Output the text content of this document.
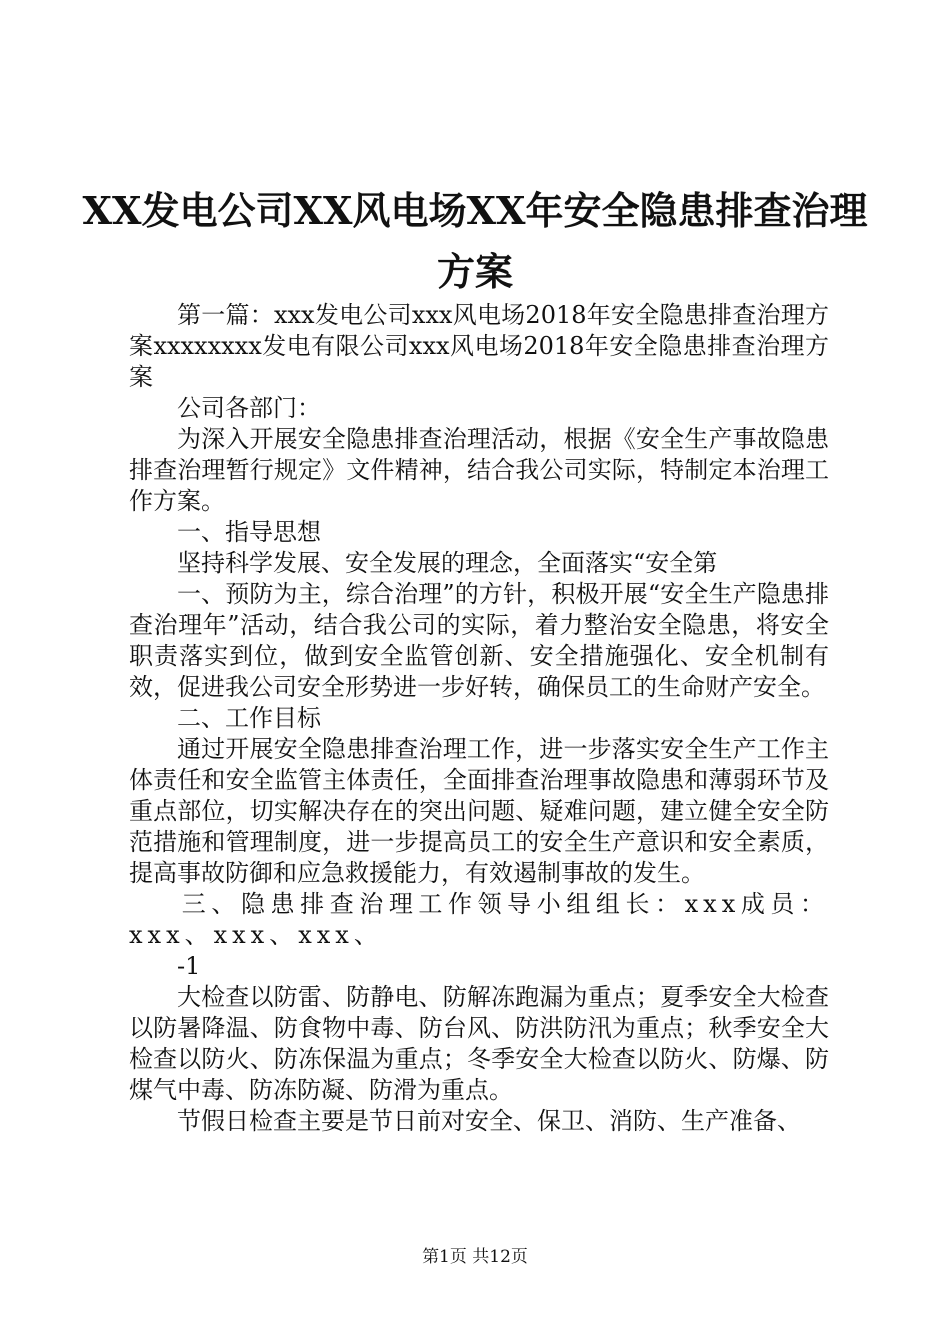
XX发电公司XX风电场XX年安全隐患排查治理
方案

第一篇：xxx发电公司xxx风电场2018年安全隐患排查治理方案xxxxxxxx发电有限公司xxx风电场2018年安全隐患排查治理方案

公司各部门：

为深入开展安全隐患排查治理活动，根据《安全生产事故隐患排查治理暂行规定》文件精神，结合我公司实际，特制定本治理工作方案。

一、指导思想

坚持科学发展、安全发展的理念，全面落实“安全第

一、预防为主，综合治理”的方针，积极开展“安全生产隐患排查治理年”活动，结合我公司的实际，着力整治安全隐患，将安全职责落实到位，做到安全监管创新、安全措施强化、安全机制有效，促进我公司安全形势进一步好转，确保员工的生命财产安全。

二、工作目标

通过开展安全隐患排查治理工作，进一步落实安全生产工作主体责任和安全监管主体责任，全面排查治理事故隐患和薄弱环节及重点部位，切实解决存在的突出问题、疑难问题，建立健全安全防范措施和管理制度，进一步提高员工的安全生产意识和安全素质，提高事故防御和应急救援能力，有效遏制事故的发生。

三、隐患排查治理工作领导小组组长：xxx成员：xxx、xxx、xxx、

-1

大检查以防雷、防静电、防解冻跑漏为重点；夏季安全大检查以防暑降温、防食物中毒、防台风、防洪防汛为重点；秋季安全大检查以防火、防冻保温为重点；冬季安全大检查以防火、防爆、防煤气中毒、防冻防凝、防滑为重点。

节假日检查主要是节日前对安全、保卫、消防、生产准备、

第1页 共12页
